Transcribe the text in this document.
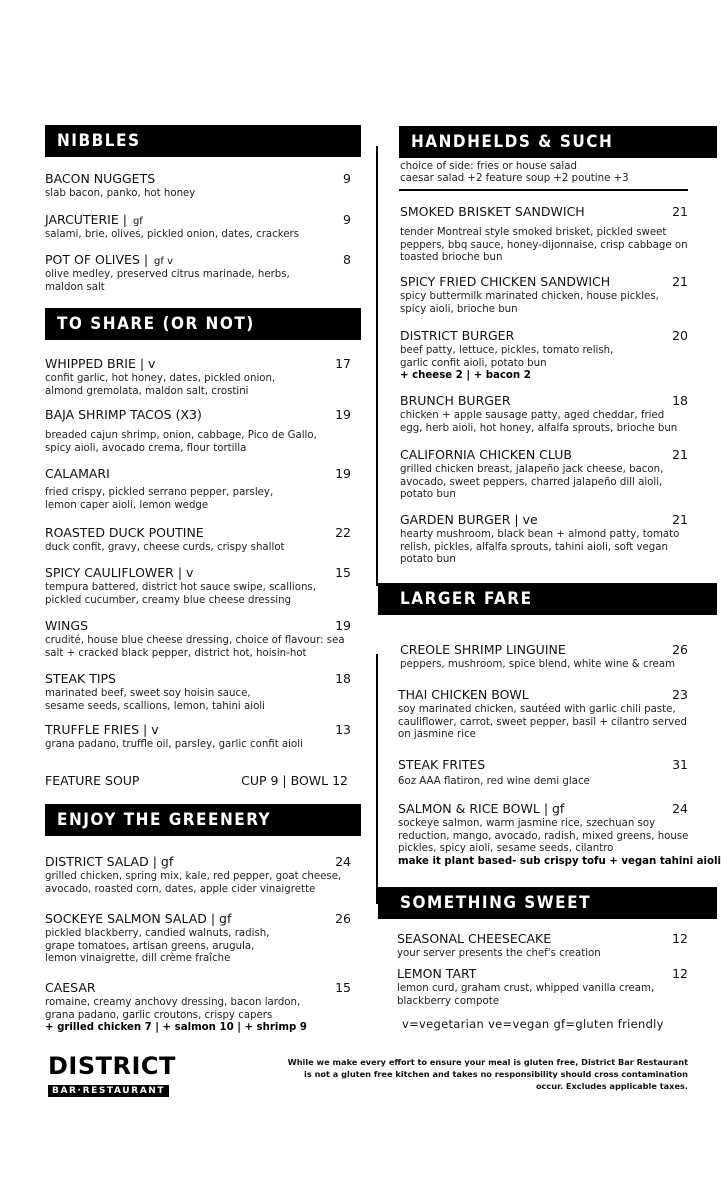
NIBBLES
BACON NUGGETS	9
slab bacon, panko, hot honey
JARCUTERIE | gf	9
salami, brie, olives, pickled onion, dates, crackers
POT OF OLIVES | gf v	8
olive medley, preserved citrus marinade, herbs, maldon salt
TO SHARE (OR NOT)
WHIPPED BRIE | v	17
confit garlic, hot honey, dates, pickled onion, almond gremolata, maldon salt, crostini
BAJA SHRIMP TACOS (X3)	19
breaded cajun shrimp, onion, cabbage, Pico de Gallo, spicy aioli, avocado crema, flour tortilla
CALAMARI	19
fried crispy, pickled serrano pepper, parsley, lemon caper aioli, lemon wedge
ROASTED DUCK POUTINE	22
duck confit, gravy, cheese curds, crispy shallot
SPICY CAULIFLOWER | v	15
tempura battered, district hot sauce swipe, scallions, pickled cucumber, creamy blue cheese dressing
WINGS	19
crudité, house blue cheese dressing, choice of flavour: sea salt + cracked black pepper, district hot, hoisin-hot
STEAK TIPS	18
marinated beef, sweet soy hoisin sauce, sesame seeds, scallions, lemon, tahini aioli
TRUFFLE FRIES | v	13
grana padano, truffle oil, parsley, garlic confit aioli
FEATURE SOUP	CUP 9 | BOWL 12
ENJOY THE GREENERY
DISTRICT SALAD | gf	24
grilled chicken, spring mix, kale, red pepper, goat cheese, avocado, roasted corn, dates, apple cider vinaigrette
SOCKEYE SALMON SALAD | gf	26
pickled blackberry, candied walnuts, radish, grape tomatoes, artisan greens, arugula, lemon vinaigrette, dill crème fraîche
CAESAR	15
romaine, creamy anchovy dressing, bacon lardon, grana padano, garlic croutons, crispy capers
+ grilled chicken 7 | + salmon 10 | + shrimp 9
HANDHELDS & SUCH
choice of side: fries or house salad
caesar salad +2 feature soup +2 poutine +3
SMOKED BRISKET SANDWICH	21
tender Montreal style smoked brisket, pickled sweet peppers, bbq sauce, honey-dijonnaise, crisp cabbage on toasted brioche bun
SPICY FRIED CHICKEN SANDWICH	21
spicy buttermilk marinated chicken, house pickles, spicy aioli, brioche bun
DISTRICT BURGER	20
beef patty, lettuce, pickles, tomato relish, garlic confit aioli, potato bun
+ cheese 2 | + bacon 2
BRUNCH BURGER	18
chicken + apple sausage patty, aged cheddar, fried egg, herb aioli, hot honey, alfalfa sprouts, brioche bun
CALIFORNIA CHICKEN CLUB	21
grilled chicken breast, jalapeño jack cheese, bacon, avocado, sweet peppers, charred jalapeño dill aioli, potato bun
GARDEN BURGER | ve	21
hearty mushroom, black bean + almond patty, tomato relish, pickles, alfalfa sprouts, tahini aioli, soft vegan potato bun
LARGER FARE
CREOLE SHRIMP LINGUINE	26
peppers, mushroom, spice blend, white wine & cream
THAI CHICKEN BOWL	23
soy marinated chicken, sautéed with garlic chili paste, cauliflower, carrot, sweet pepper, basil + cilantro served on jasmine rice
STEAK FRITES	31
6oz AAA flatiron, red wine demi glace
SALMON & RICE BOWL | gf	24
sockeye salmon, warm jasmine rice, szechuan soy reduction, mango, avocado, radish, mixed greens, house pickles, spicy aioli, sesame seeds, cilantro
make it plant based- sub crispy tofu + vegan tahini aioli
SOMETHING SWEET
SEASONAL CHEESECAKE	12
your server presents the chef's creation
LEMON TART	12
lemon curd, graham crust, whipped vanilla cream, blackberry compote
v=vegetarian ve=vegan gf=gluten friendly
DISTRICT
BAR·RESTAURANT
While we make every effort to ensure your meal is gluten free, District Bar Restaurant is not a gluten free kitchen and takes no responsibility should cross contamination occur. Excludes applicable taxes.
